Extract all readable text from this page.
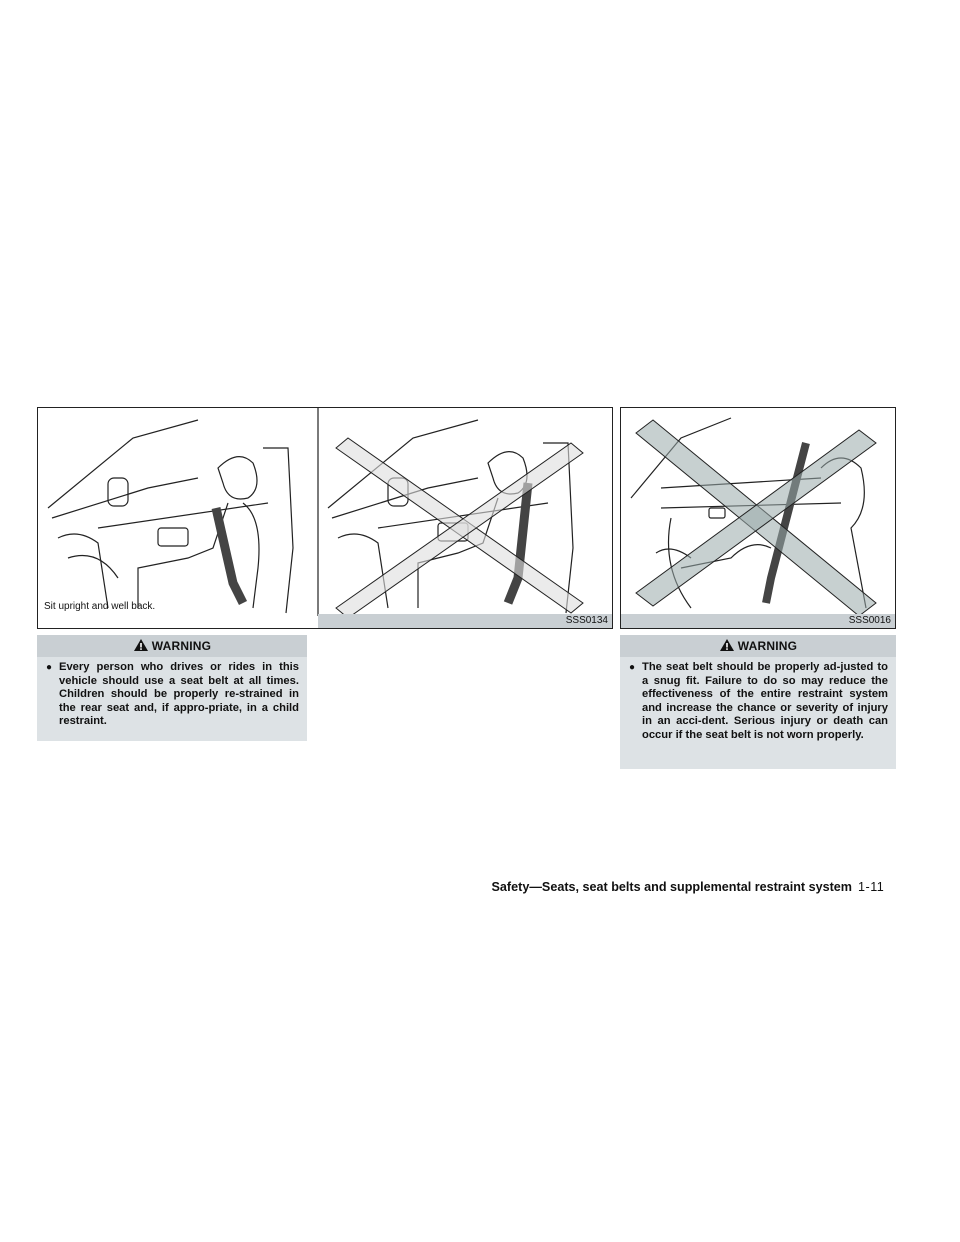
Sit upright and well back.
SSS0134	SSS0016
WARNING
● Every person who drives or rides in this vehicle should use a seat belt at all times. Children should be properly re-strained in the rear seat and, if appro-priate, in a child restraint.
WARNING
● The seat belt should be properly ad-justed to a snug fit. Failure to do so may reduce the effectiveness of the entire restraint system and increase the chance or severity of injury in an acci-dent. Serious injury or death can occur if the seat belt is not worn properly.
Safety—Seats, seat belts and supplemental restraint system 1-11
